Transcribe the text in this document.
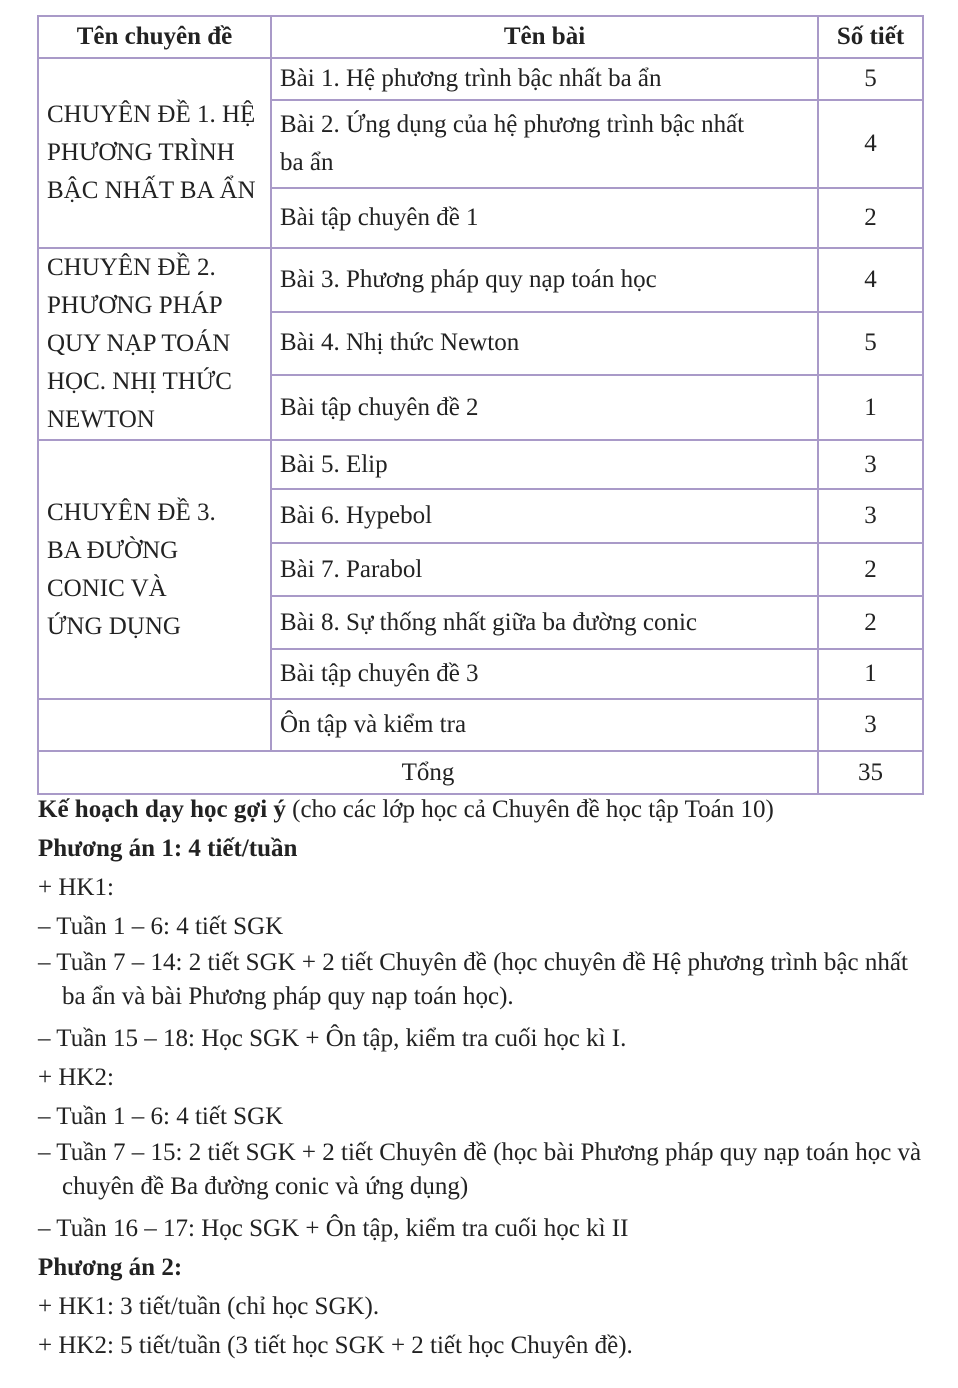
Tên chuyên đề	Tên bài	Số tiết

CHUYÊN ĐỀ 1. HỆ
PHƯƠNG TRÌNH
BẬC NHẤT BA ẨN	Bài 1. Hệ phương trình bậc nhất ba ẩn	5

	Bài 2. Ứng dụng của hệ phương trình bậc nhất
ba ẩn	4
	Bài tập chuyên đề 1	2

CHUYÊN ĐỀ 2.
PHƯƠNG PHÁP
QUY NẠP TOÁN
HỌC. NHỊ THỨC
NEWTON	Bài 3. Phương pháp quy nạp toán học	4
	Bài 4. Nhị thức Newton	5
	Bài tập chuyên đề 2	1

CHUYÊN ĐỀ 3.
BA ĐƯỜNG
CONIC VÀ
ỨNG DỤNG	Bài 5. Elip	3
	Bài 6. Hypebol	3
	Bài 7. Parabol	2
	Bài 8. Sự thống nhất giữa ba đường conic	2
	Bài tập chuyên đề 3	1
	Ôn tập và kiểm tra	3
Tổng		35

Kế hoạch dạy học gợi ý (cho các lớp học cả Chuyên đề học tập Toán 10)

Phương án 1: 4 tiết/tuần

+ HK1:

– Tuần 1 – 6: 4 tiết SGK

– Tuần 7 – 14: 2 tiết SGK + 2 tiết Chuyên đề (học chuyên đề Hệ phương trình bậc nhất ba ẩn và bài Phương pháp quy nạp toán học).

– Tuần 15 – 18: Học SGK + Ôn tập, kiểm tra cuối học kì I.

+ HK2:

– Tuần 1 – 6: 4 tiết SGK

– Tuần 7 – 15: 2 tiết SGK + 2 tiết Chuyên đề (học bài Phương pháp quy nạp toán học và chuyên đề Ba đường conic và ứng dụng)

– Tuần 16 – 17: Học SGK + Ôn tập, kiểm tra cuối học kì II

Phương án 2:

+ HK1: 3 tiết/tuần (chỉ học SGK).

+ HK2: 5 tiết/tuần (3 tiết học SGK + 2 tiết học Chuyên đề).
